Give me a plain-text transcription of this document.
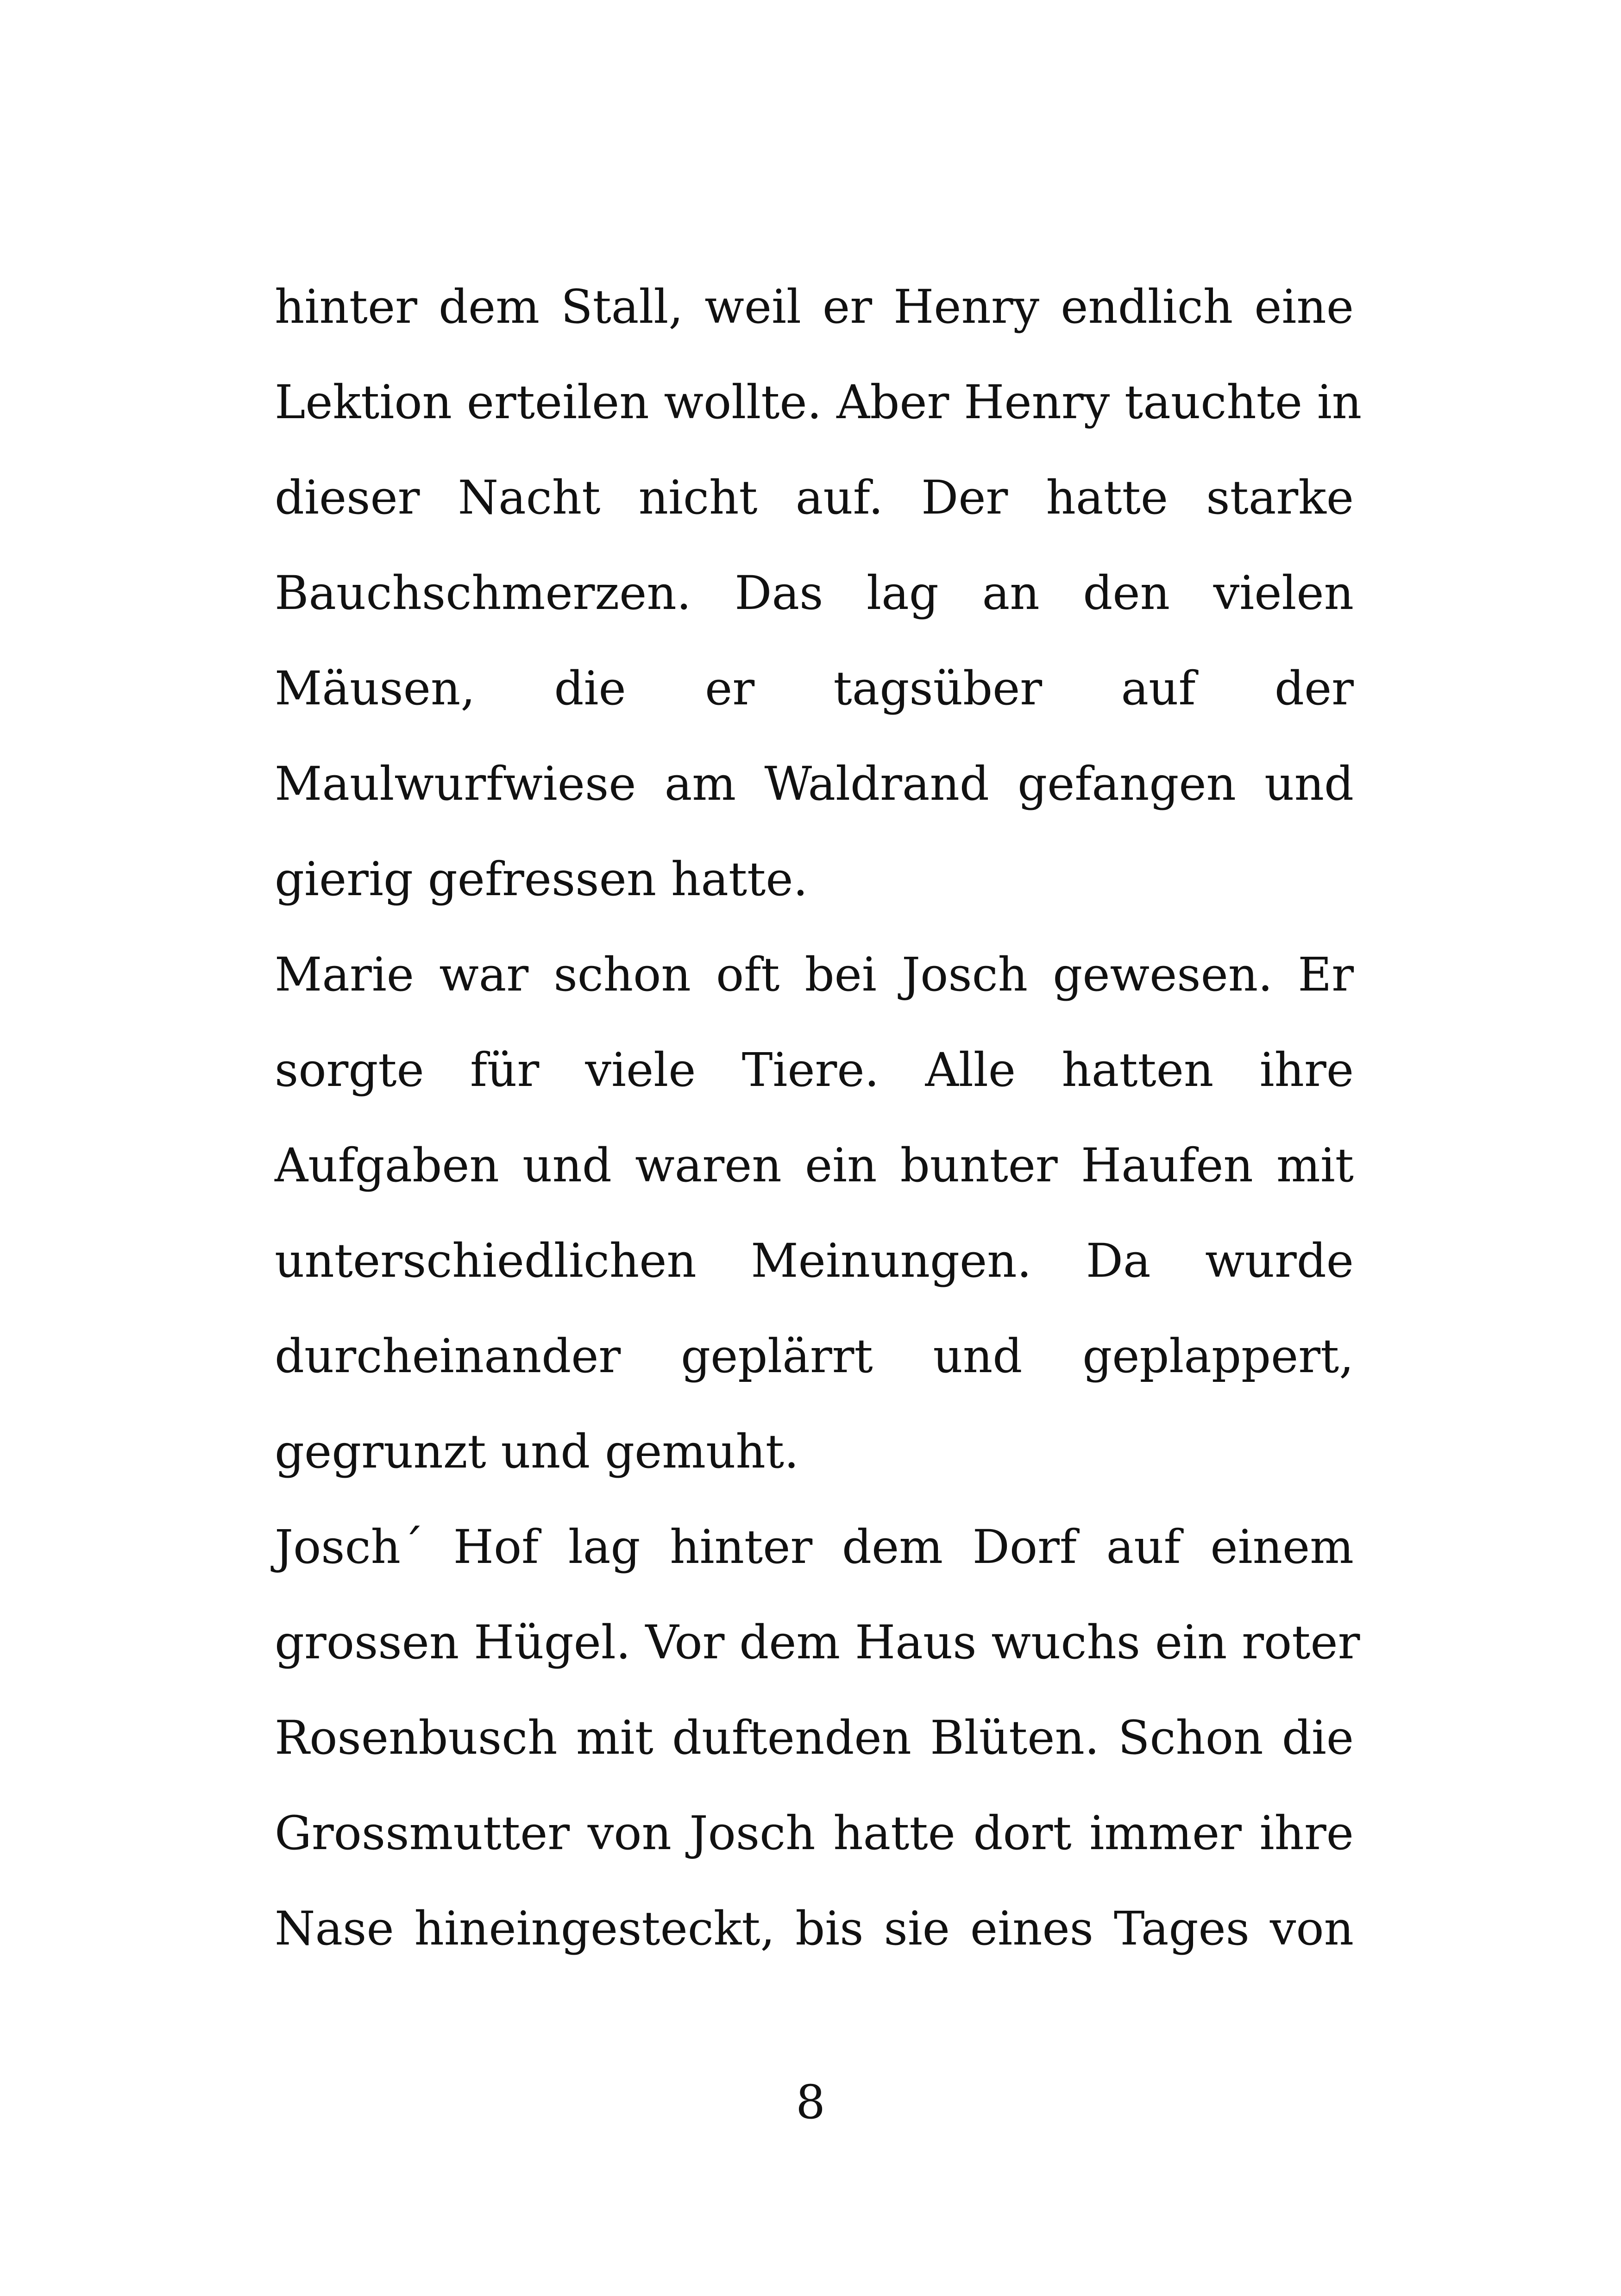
hinter dem Stall, weil er Henry endlich eine
Lektion erteilen wollte. Aber Henry tauchte in
dieser Nacht nicht auf. Der hatte starke
Bauchschmerzen. Das lag an den vielen
Mäusen, die er tagsüber auf der
Maulwurfwiese am Waldrand gefangen und
gierig gefressen hatte.
Marie war schon oft bei Josch gewesen. Er
sorgte für viele Tiere. Alle hatten ihre
Aufgaben und waren ein bunter Haufen mit
unterschiedlichen Meinungen. Da wurde
durcheinander geplärrt und geplappert,
gegrunzt und gemuht.
Josch´ Hof lag hinter dem Dorf auf einem
grossen Hügel. Vor dem Haus wuchs ein roter
Rosenbusch mit duftenden Blüten. Schon die
Grossmutter von Josch hatte dort immer ihre
Nase hineingesteckt, bis sie eines Tages von
8
